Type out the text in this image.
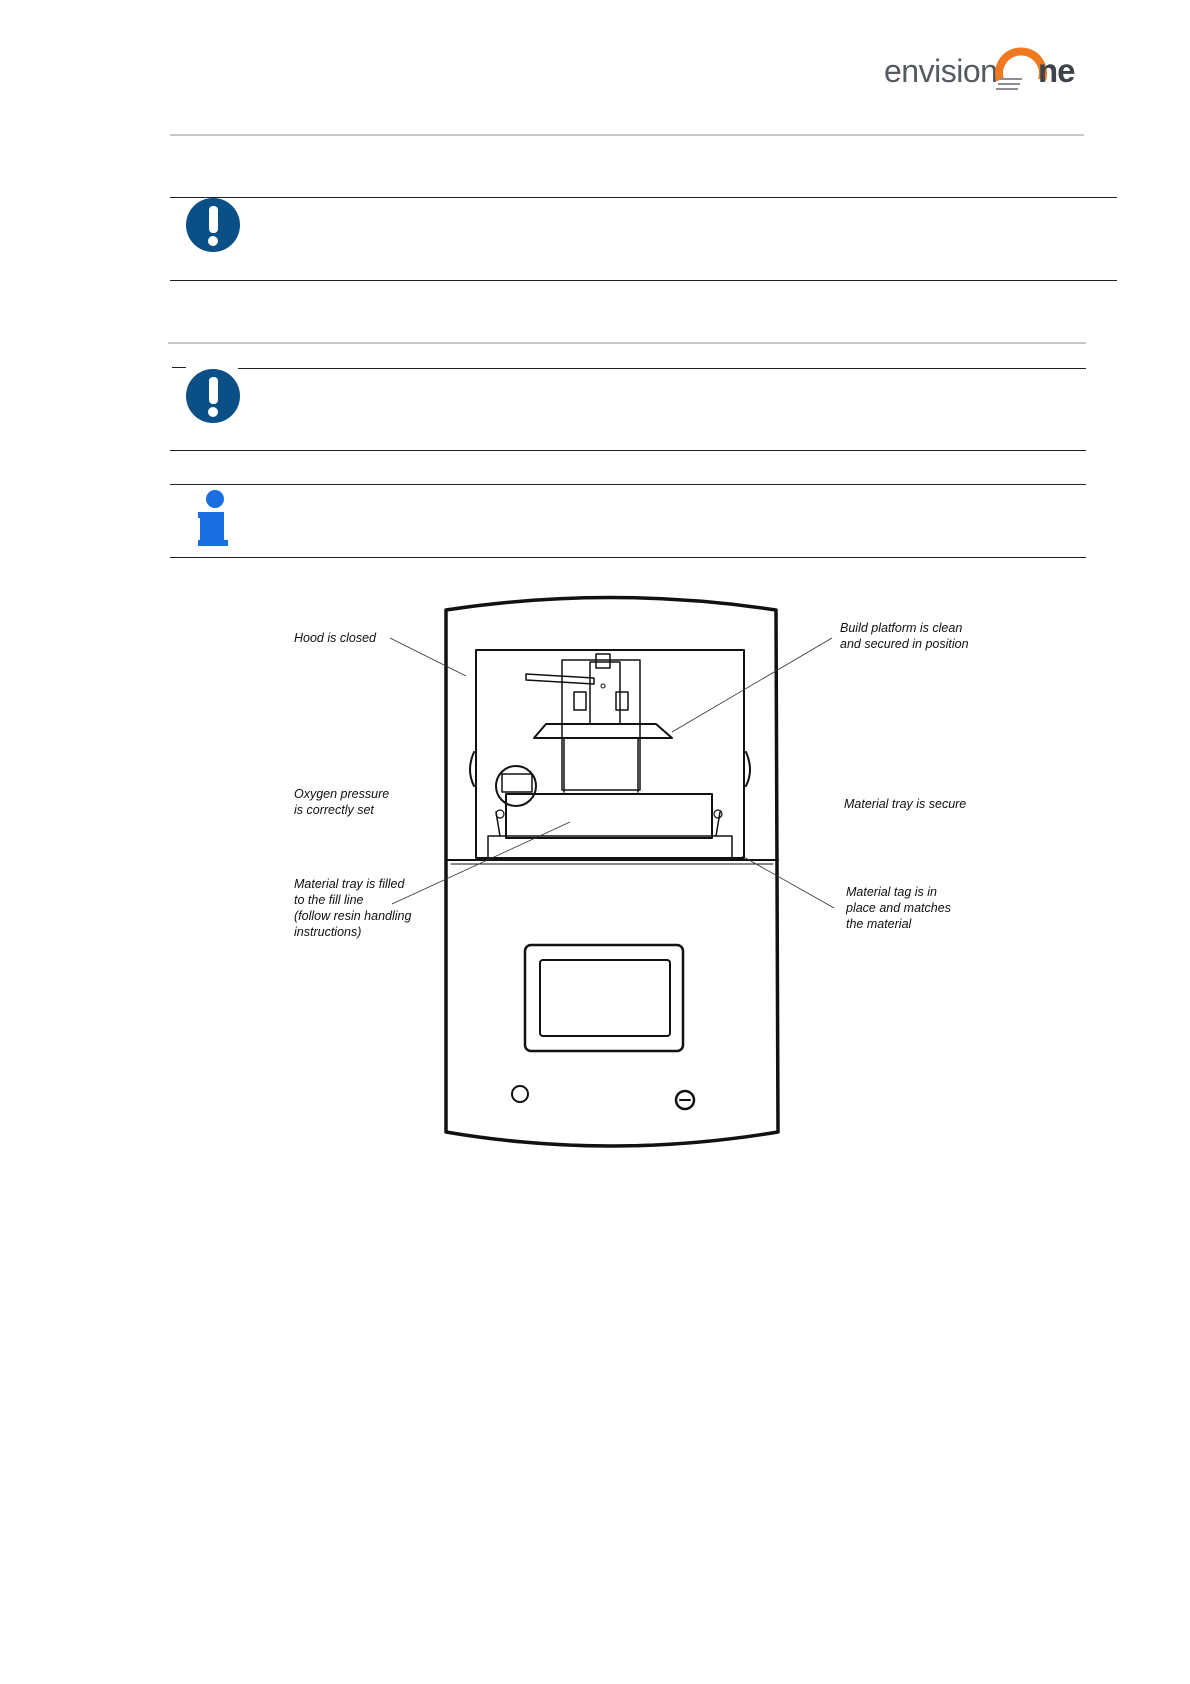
envision ne
Hood is closed
Build platform is clean and secured in position
Oxygen pressure is correctly set	Material tray is secure
Material tray is filled to the fill line (follow resin handling instructions)
Material tag is in place and matches the material
